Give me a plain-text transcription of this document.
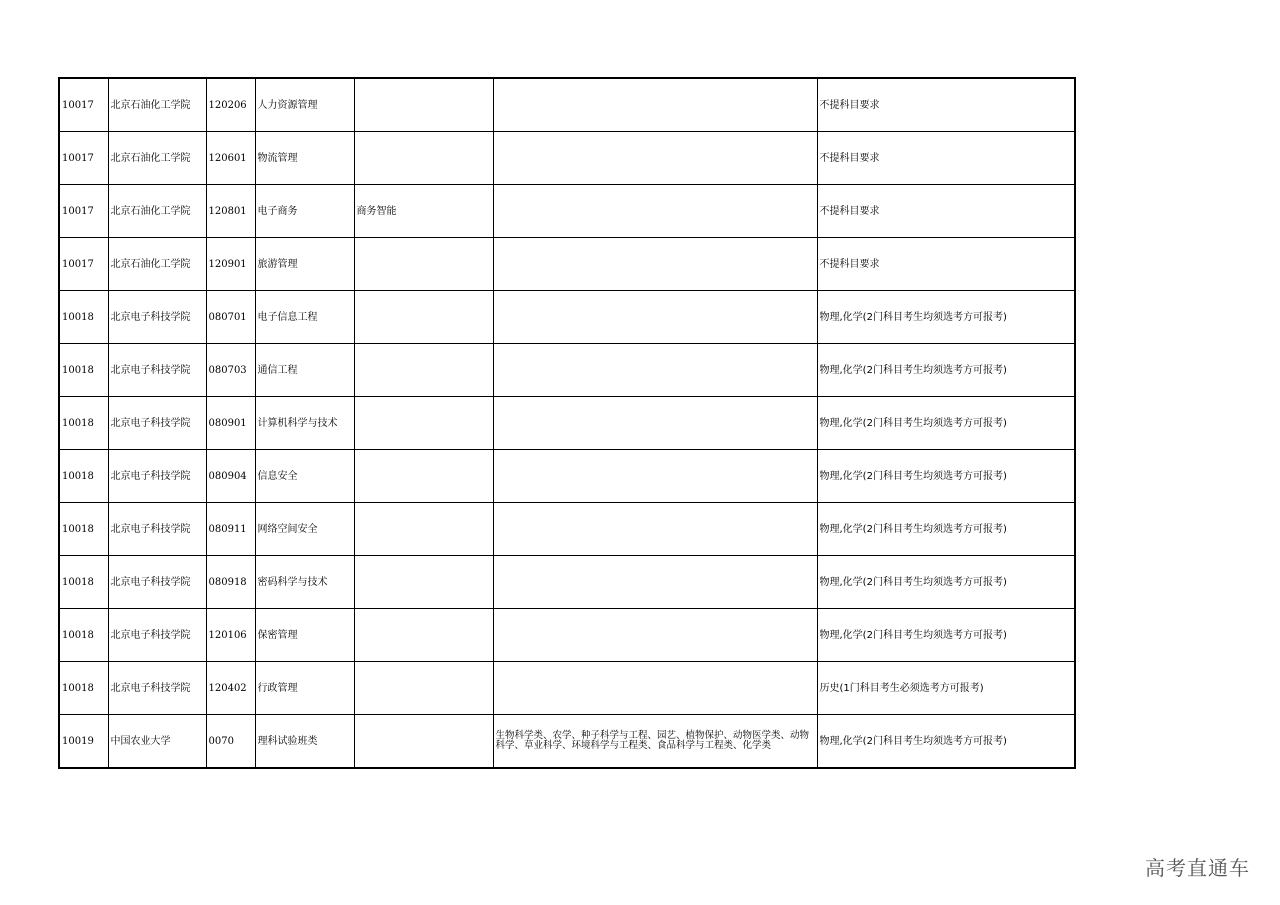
10017	北京石油化工学院	120206	人力资源管理			不提科目要求
10017	北京石油化工学院	120601	物流管理			不提科目要求
10017	北京石油化工学院	120801	电子商务	商务智能		不提科目要求
10017	北京石油化工学院	120901	旅游管理			不提科目要求
10018	北京电子科技学院	080701	电子信息工程			物理,化学(2门科目考生均须选考方可报考)
10018	北京电子科技学院	080703	通信工程			物理,化学(2门科目考生均须选考方可报考)
10018	北京电子科技学院	080901	计算机科学与技术			物理,化学(2门科目考生均须选考方可报考)
10018	北京电子科技学院	080904	信息安全			物理,化学(2门科目考生均须选考方可报考)
10018	北京电子科技学院	080911	网络空间安全			物理,化学(2门科目考生均须选考方可报考)
10018	北京电子科技学院	080918	密码科学与技术			物理,化学(2门科目考生均须选考方可报考)
10018	北京电子科技学院	120106	保密管理			物理,化学(2门科目考生均须选考方可报考)
10018	北京电子科技学院	120402	行政管理			历史(1门科目考生必须选考方可报考)
10019	中国农业大学	0070	理科试验班类		生物科学类、农学、种子科学与工程、园艺、植物保护、动物医学类、动物科学、草业科学、环境科学与工程类、食品科学与工程类、化学类	物理,化学(2门科目考生均须选考方可报考)
高考直通车
